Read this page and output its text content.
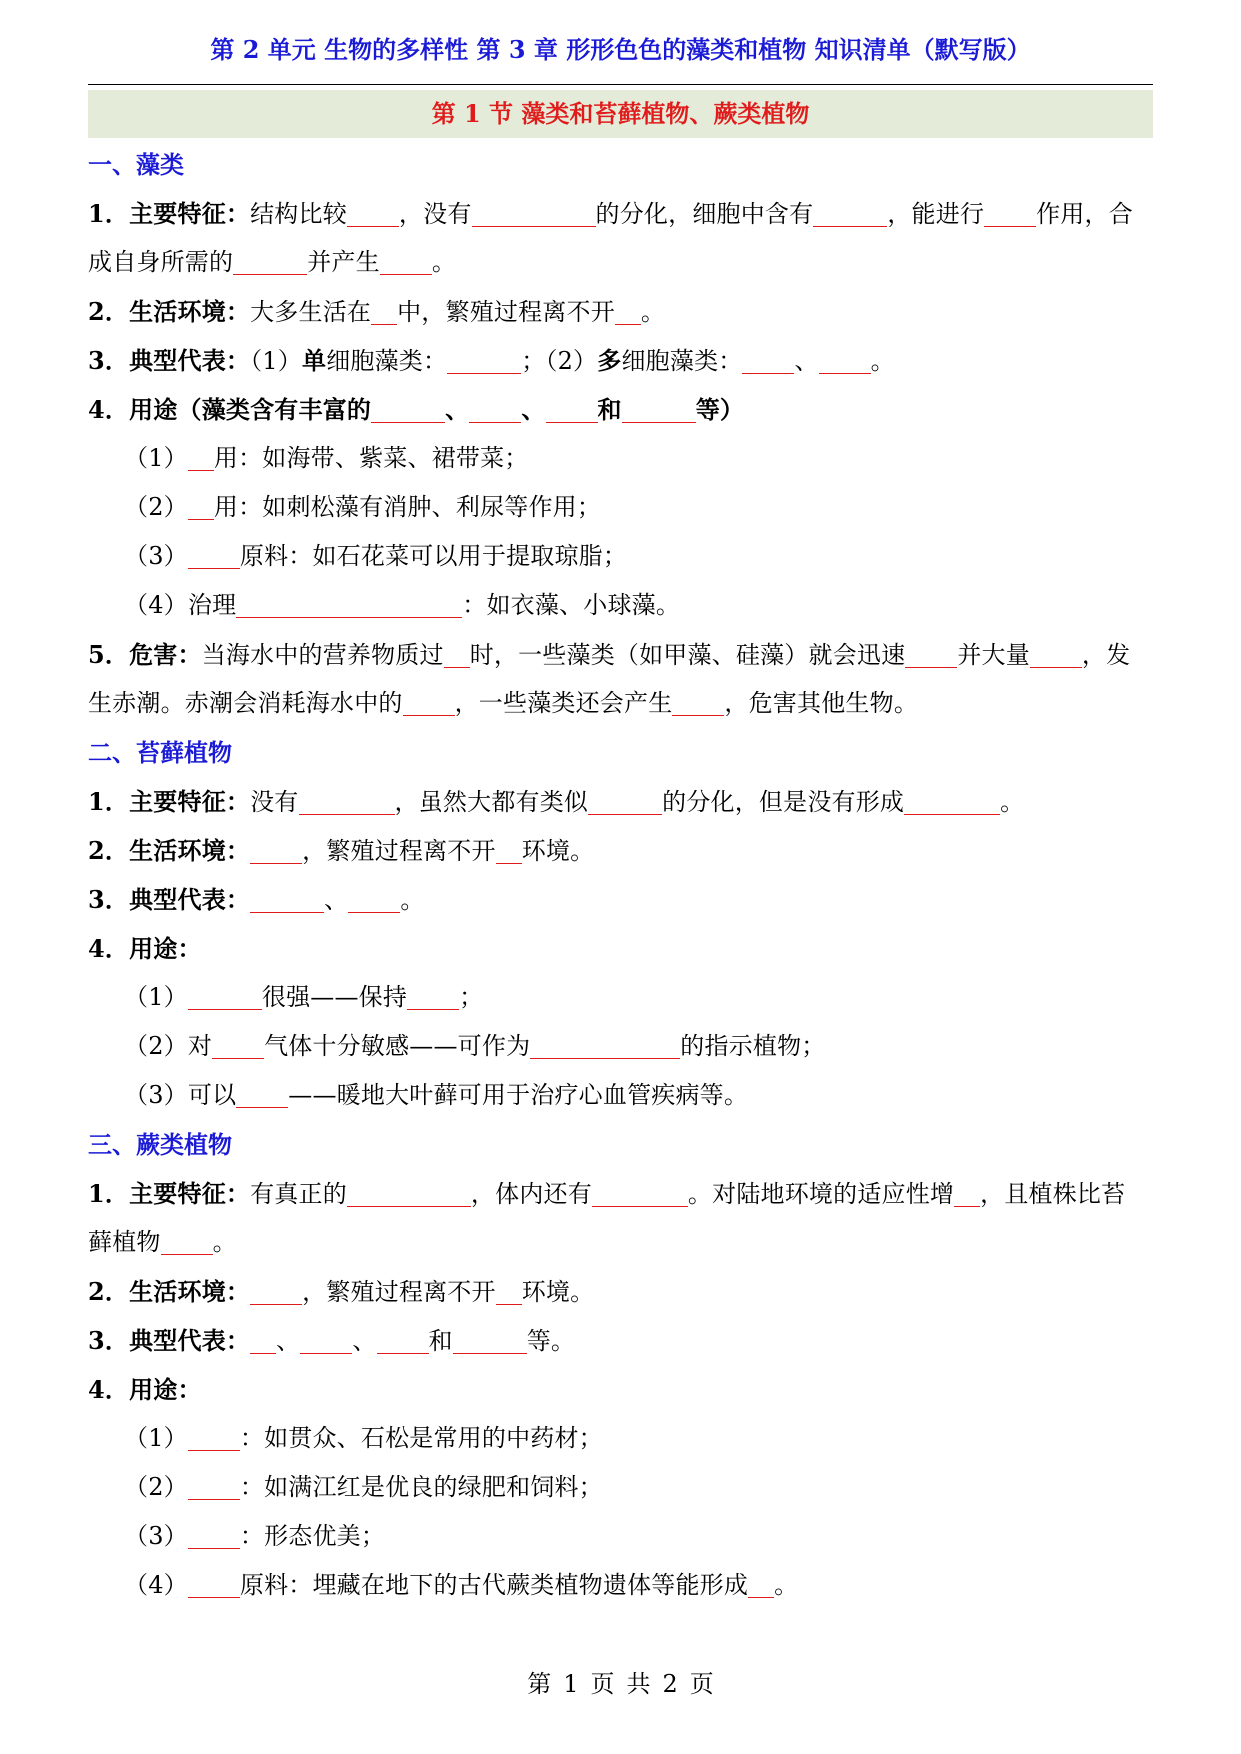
第 2 单元 生物的多样性 第 3 章 形形色色的藻类和植物 知识清单（默写版）
第 1 节 藻类和苔藓植物、蕨类植物
一、藻类
1．主要特征：结构比较 ，没有	的分化，细胞中含有	，能进行 作用，合
成自身所需的	并产生 。
2．生活环境：大多生活在 中，繁殖过程离不开 。
3．典型代表：（1）单细胞藻类：	；（2）多细胞藻类： 、 。
4．用途（藻类含有丰富的	、 、 和	等）
（1） 用：如海带、紫菜、裙带菜；
（2） 用：如刺松藻有消肿、利尿等作用；
（3） 原料：如石花菜可以用于提取琼脂；
（4）治理	：如衣藻、小球藻。
5．危害：当海水中的营养物质过 时，一些藻类（如甲藻、硅藻）就会迅速 并大量 ，发
生赤潮。赤潮会消耗海水中的 ，一些藻类还会产生 ，危害其他生物。
二、苔藓植物
1．主要特征：没有	，虽然大都有类似	的分化，但是没有形成	。
2．生活环境： ，繁殖过程离不开 环境。
3．典型代表：	、 。
4．用途：
（1）	很强——保持 ；
（2）对 气体十分敏感——可作为	的指示植物；
（3）可以 ——暖地大叶藓可用于治疗心血管疾病等。
三、蕨类植物
1．主要特征：有真正的	，体内还有	。对陆地环境的适应性增 ，且植株比苔
藓植物 。
2．生活环境： ，繁殖过程离不开 环境。
3．典型代表： 、 、 和	等。
4．用途：
（1） ：如贯众、石松是常用的中药材；
（2） ：如满江红是优良的绿肥和饲料；
（3） ：形态优美；
（4） 原料：埋藏在地下的古代蕨类植物遗体等能形成 。
第 1 页 共 2 页
